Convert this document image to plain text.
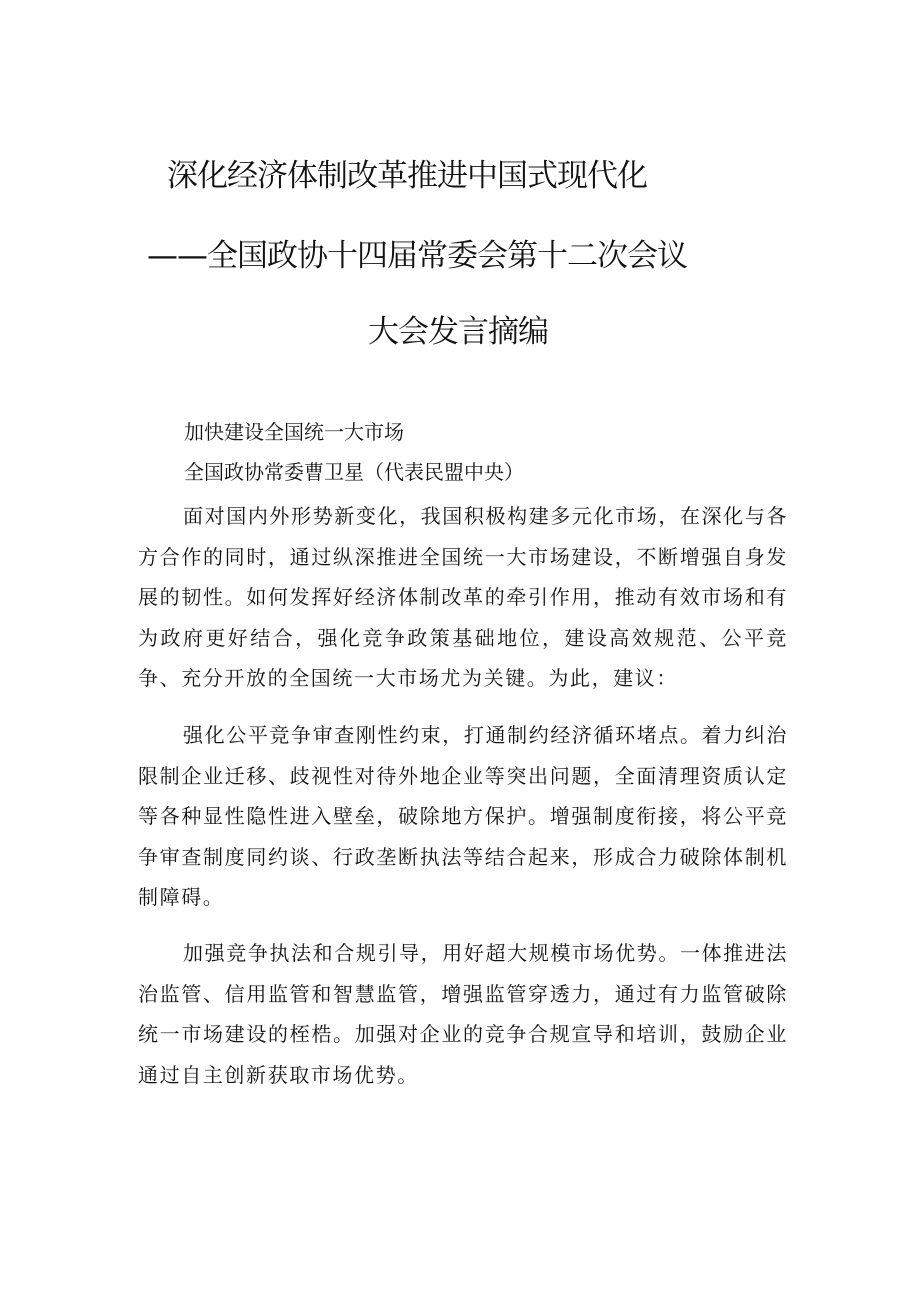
深化经济体制改革推进中国式现代化
——全国政协十四届常委会第十二次会议
大会发言摘编
加快建设全国统一大市场
全国政协常委曹卫星（代表民盟中央）

面对国内外形势新变化，我国积极构建多元化市场，在深化与各方合作的同时，通过纵深推进全国统一大市场建设，不断增强自身发展的韧性。如何发挥好经济体制改革的牵引作用，推动有效市场和有为政府更好结合，强化竞争政策基础地位，建设高效规范、公平竞争、充分开放的全国统一大市场尤为关键。为此，建议：

强化公平竞争审查刚性约束，打通制约经济循环堵点。着力纠治限制企业迁移、歧视性对待外地企业等突出问题，全面清理资质认定等各种显性隐性进入壁垒，破除地方保护。增强制度衔接，将公平竞争审查制度同约谈、行政垄断执法等结合起来，形成合力破除体制机制障碍。

加强竞争执法和合规引导，用好超大规模市场优势。一体推进法治监管、信用监管和智慧监管，增强监管穿透力，通过有力监管破除统一市场建设的桎梏。加强对企业的竞争合规宣导和培训，鼓励企业通过自主创新获取市场优势。
